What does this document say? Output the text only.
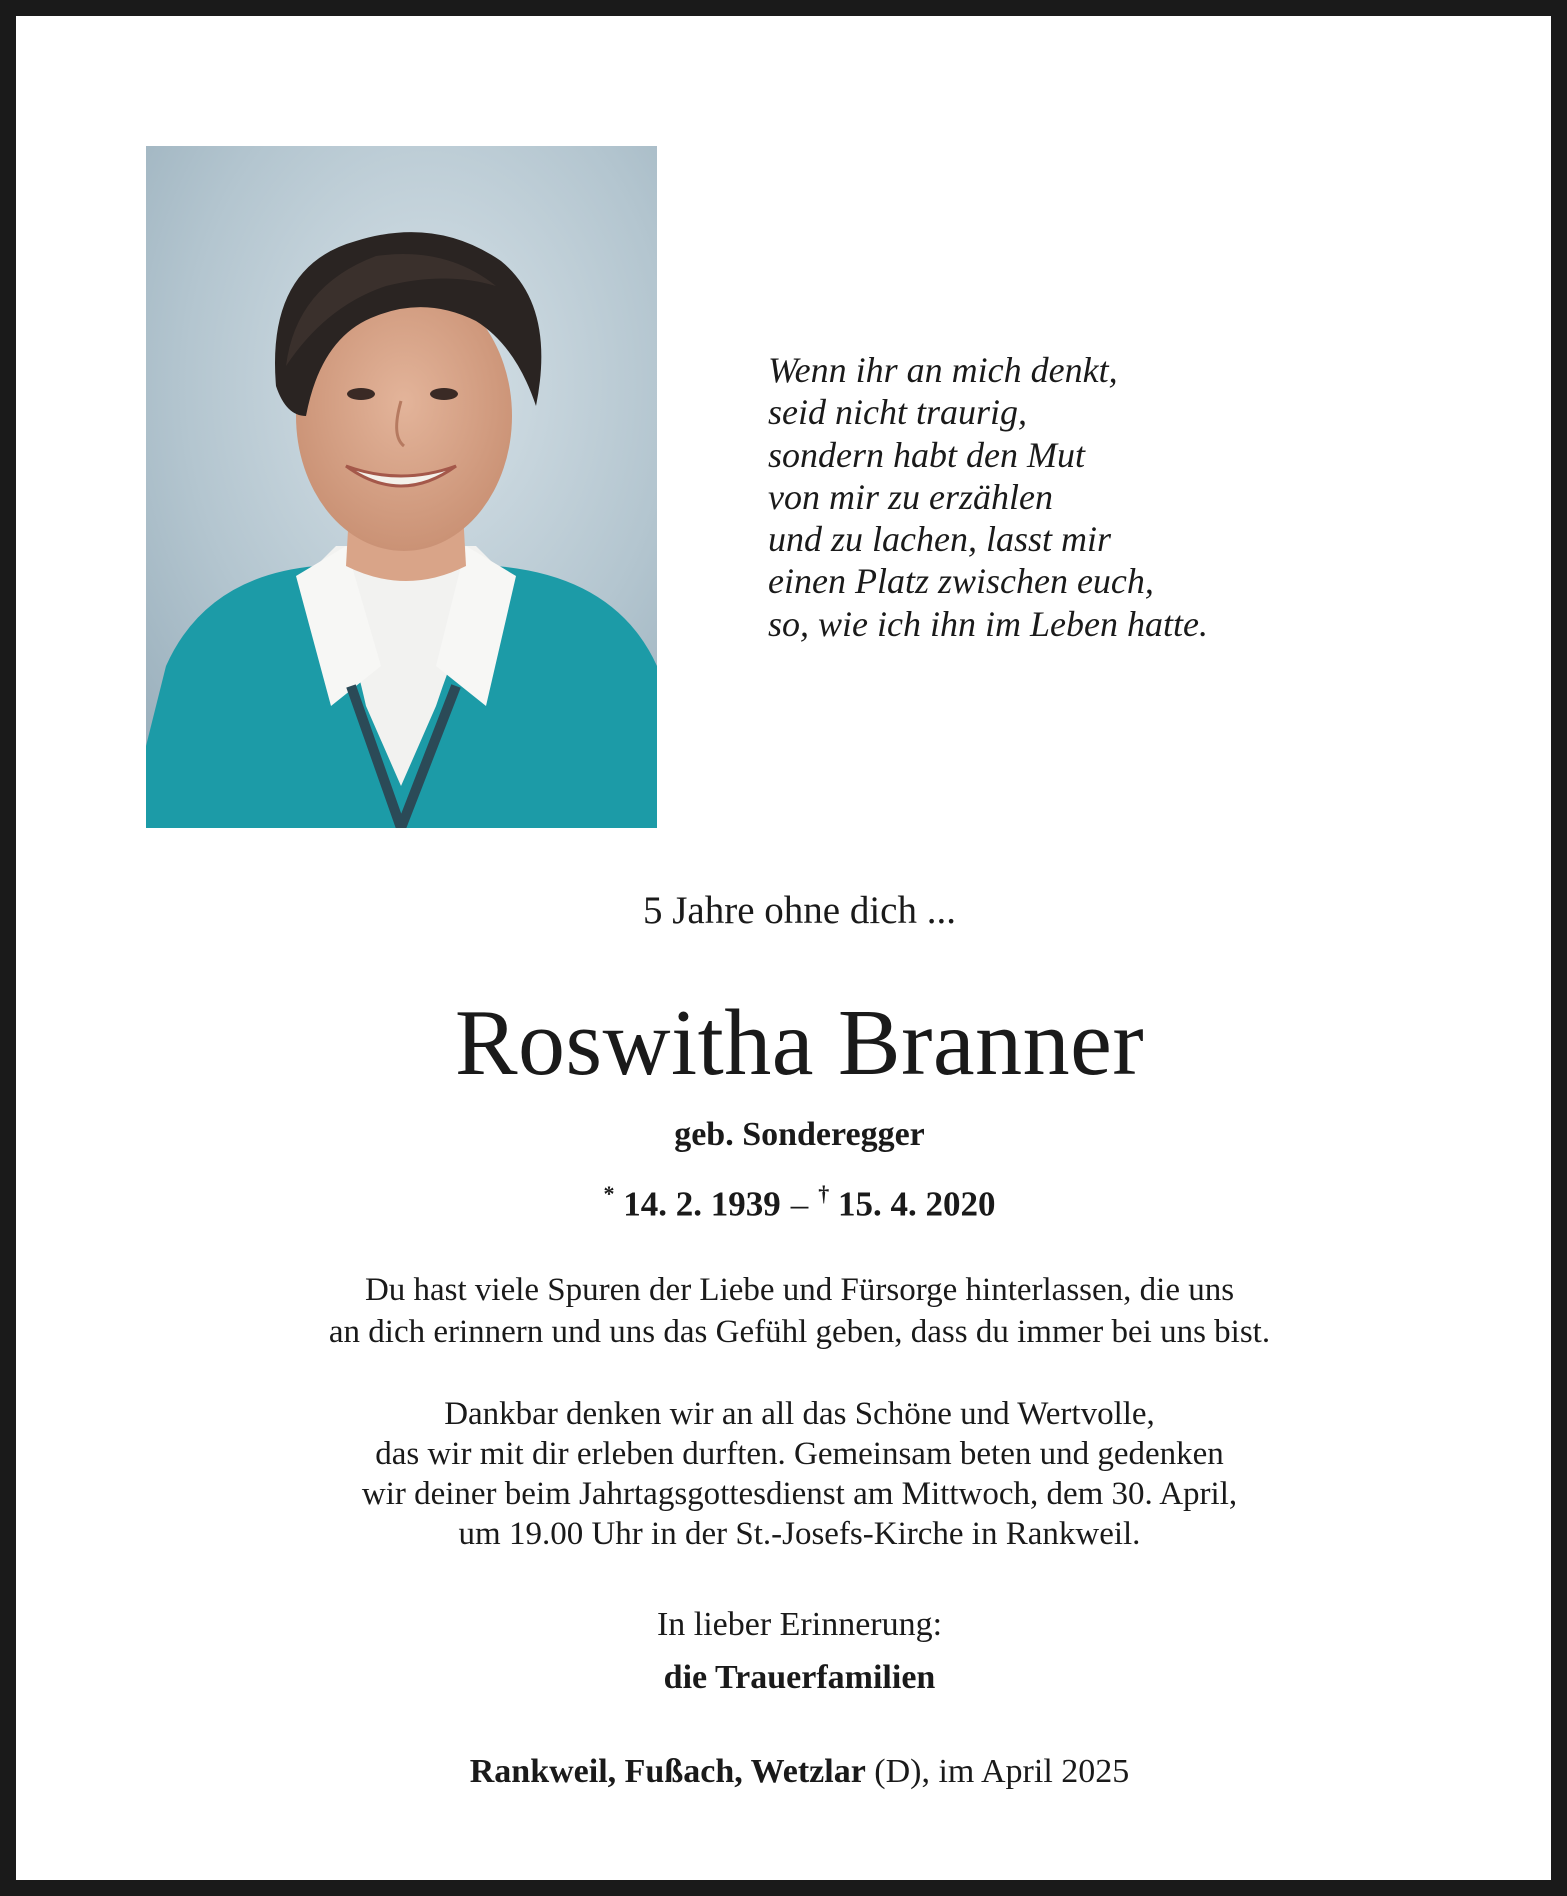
Wenn ihr an mich denkt,
seid nicht traurig,
sondern habt den Mut
von mir zu erzählen
und zu lachen, lasst mir
einen Platz zwischen euch,
so, wie ich ihn im Leben hatte.
5 Jahre ohne dich ...
Roswitha Branner
geb. Sonderegger
* 14. 2. 1939 – † 15. 4. 2020
Du hast viele Spuren der Liebe und Fürsorge hinterlassen, die uns
an dich erinnern und uns das Gefühl geben, dass du immer bei uns bist.
Dankbar denken wir an all das Schöne und Wertvolle,
das wir mit dir erleben durften. Gemeinsam beten und gedenken
wir deiner beim Jahrtagsgottesdienst am Mittwoch, dem 30. April,
um 19.00 Uhr in der St.-Josefs-Kirche in Rankweil.
In lieber Erinnerung:
die Trauerfamilien
Rankweil, Fußach, Wetzlar (D), im April 2025
